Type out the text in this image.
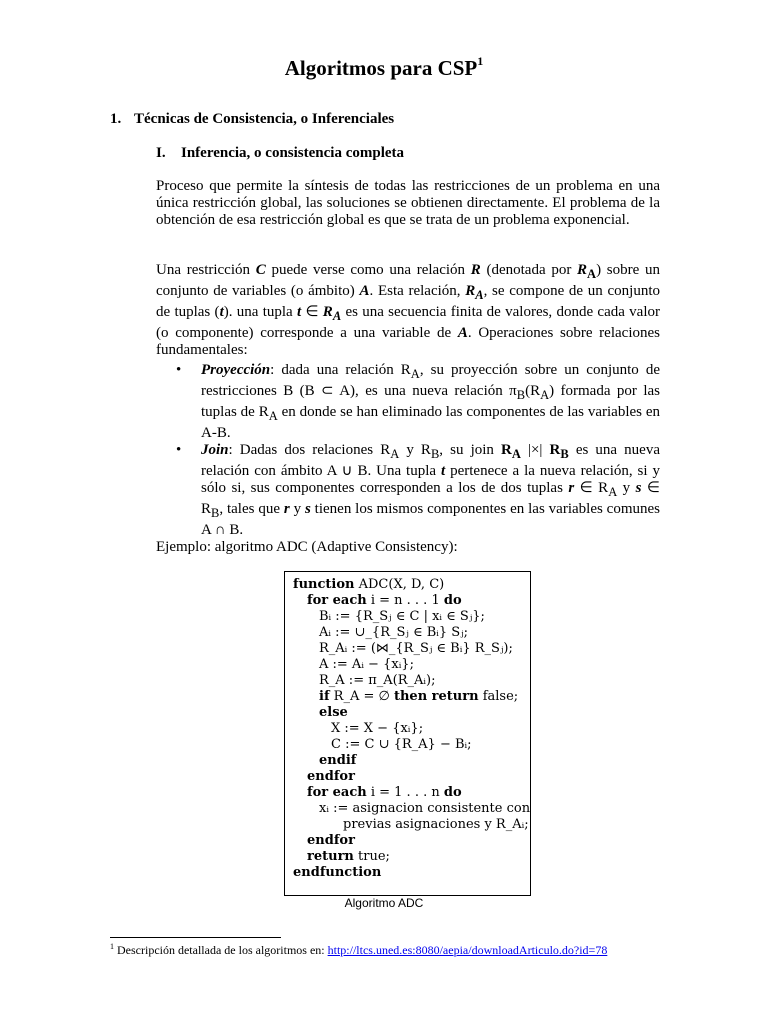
Algoritmos para CSP$^1$
1. Técnicas de Consistencia, o Inferenciales
I. Inferencia, o consistencia completa
Proceso que permite la síntesis de todas las restricciones de un problema en una única restricción global, las soluciones se obtienen directamente. El problema de la obtención de esa restricción global es que se trata de un problema exponencial.
Una restricción C puede verse como una relación R (denotada por $R_A$) sobre un conjunto de variables (o ámbito) A. Esta relación, $R_A$, se compone de un conjunto de tuplas (t). una tupla t ∈ $R_A$ es una secuencia finita de valores, donde cada valor (o componente) corresponde a una variable de A. Operaciones sobre relaciones fundamentales:
• Proyección: dada una relación $R_A$, su proyección sobre un conjunto de restricciones B (B ⊂ A), es una nueva relación $\pi_B(R_A)$ formada por las tuplas de $R_A$ en donde se han eliminado las componentes de las variables en A-B.
• Join: Dadas dos relaciones $R_A$ y $R_B$, su join $R_A$ |×| $R_B$ es una nueva relación con ámbito A ∪ B. Una tupla t pertenece a la nueva relación, si y sólo si, sus componentes corresponden a los de dos tuplas r ∈ $R_A$ y s ∈ $R_B$, tales que r y s tienen los mismos componentes en las variables comunes A ∩ B.
Ejemplo: algoritmo ADC (Adaptive Consistency):
function ADC(X, D, C)
for each i = n . . . 1 do
Bᵢ := {R_Sⱼ ∈ C | xᵢ ∈ Sⱼ};
Aᵢ := ∪_{R_Sⱼ ∈ Bᵢ} Sⱼ;
R_Aᵢ := (⋈_{R_Sⱼ ∈ Bᵢ} R_Sⱼ);
A := Aᵢ − {xᵢ};
R_A := π_A(R_Aᵢ);
if R_A = ∅ then return false;
else
X := X − {xᵢ};
C := C ∪ {R_A} − Bᵢ;
endif
endfor
for each i = 1 . . . n do
xᵢ := asignacion consistente con
previas asignaciones y R_Aᵢ;
endfor
return true;
endfunction
Algoritmo ADC
$^1$ Descripción detallada de los algoritmos en: http://ltcs.uned.es:8080/aepia/downloadArticulo.do?id=78
